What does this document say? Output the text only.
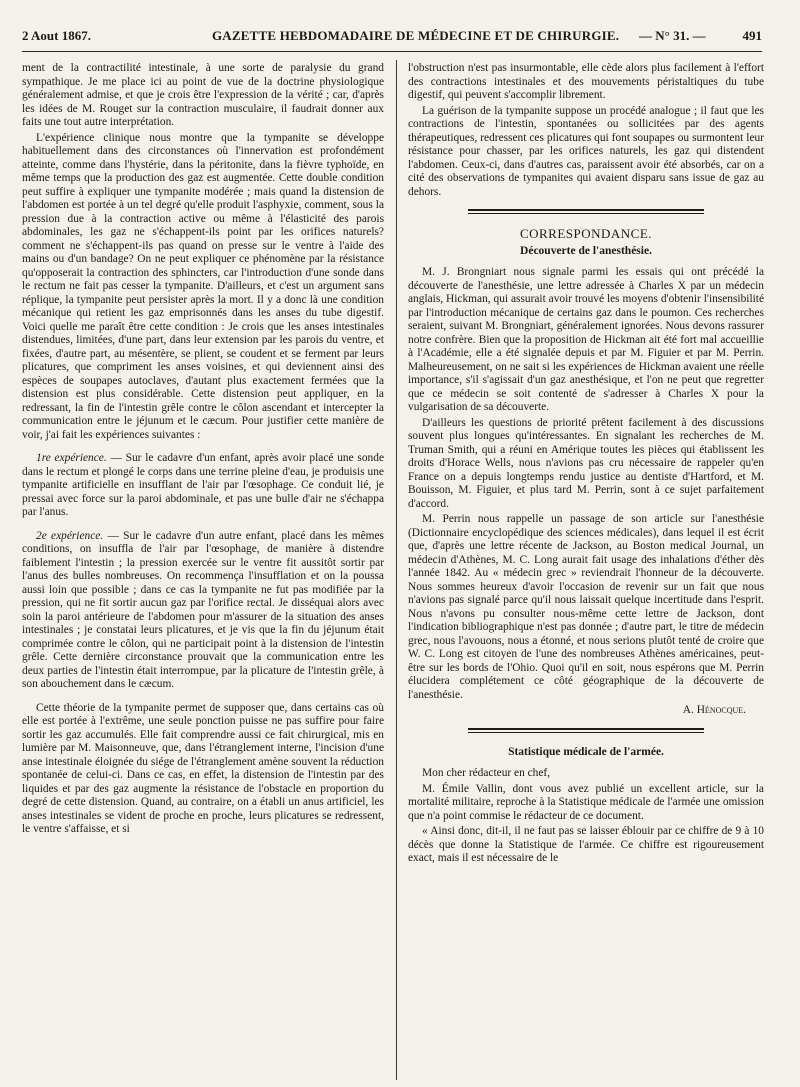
2 Aout 1867.	GAZETTE HEBDOMADAIRE DE MÉDECINE ET DE CHIRURGIE. — N° 31. —	491

ment de la contractilité intestinale, à une sorte de paralysie du grand sympathique. Je me place ici au point de vue de la doctrine physiologique généralement admise, et que je crois être l'expression de la vérité ; car, d'après les idées de M. Rouget sur la contraction musculaire, il faudrait donner aux faits une tout autre interprétation.

L'expérience clinique nous montre que la tympanite se développe habituellement dans des circonstances où l'innervation est profondément atteinte, comme dans l'hystérie, dans la péritonite, dans la fièvre typhoïde, en même temps que la production des gaz est augmentée. Cette double condition peut suffire à expliquer une tympanite modérée ; mais quand la distension de l'abdomen est portée à un tel degré qu'elle produit l'asphyxie, comment, sous la pression due à la contraction active ou même à l'élasticité des parois abdominales, les gaz ne s'échappent-ils point par les orifices naturels? comment ne s'échappent-ils pas quand on presse sur le ventre à l'aide des mains ou d'un bandage? On ne peut expliquer ce phénomène par la résistance qu'opposerait la contraction des sphincters, car l'introduction d'une sonde dans le rectum ne fait pas cesser la tympanite. D'ailleurs, et c'est un argument sans réplique, la tympanite peut persister après la mort. Il y a donc là une condition mécanique qui retient les gaz emprisonnés dans les anses du tube digestif. Voici quelle me paraît être cette condition : Je crois que les anses intestinales distendues, limitées, d'une part, dans leur extension par les parois du ventre, et fixées, d'autre part, au mésentère, se plient, se coudent et se ferment par leurs plicatures, que compriment les anses voisines, et qui deviennent ainsi des espèces de soupapes autoclaves, d'autant plus exactement fermées que la distension est plus considérable. Cette distension peut appliquer, en la redressant, la fin de l'intestin grêle contre le côlon ascendant et intercepter la communication entre le jéjunum et le cæcum. Pour justifier cette manière de voir, j'ai fait les expériences suivantes :

1re expérience. — Sur le cadavre d'un enfant, après avoir placé une sonde dans le rectum et plongé le corps dans une terrine pleine d'eau, je produisis une tympanite artificielle en insufflant de l'air par l'œsophage. Ce conduit lié, je pressai avec force sur la paroi abdominale, et pas une bulle d'air ne s'échappa par l'anus.

2e expérience. — Sur le cadavre d'un autre enfant, placé dans les mêmes conditions, on insuffla de l'air par l'œsophage, de manière à distendre faiblement l'intestin ; la pression exercée sur le ventre fit aussitôt sortir par l'anus des bulles nombreuses. On recommença l'insufflation et on la poussa aussi loin que possible ; dans ce cas la tympanite ne fut pas modifiée par la pression, qui ne fit sortir aucun gaz par l'orifice rectal. Je disséquai alors avec soin la paroi antérieure de l'abdomen pour m'assurer de la situation des anses intestinales ; je constatai leurs plicatures, et je vis que la fin du jéjunum était comprimée contre le côlon, qui ne participait point à la distension de l'intestin grêle. Cette dernière circonstance prouvait que la communication entre les deux parties de l'intestin était interrompue, par la plicature de l'intestin grêle, à son abouchement dans le cæcum.

Cette théorie de la tympanite permet de supposer que, dans certains cas où elle est portée à l'extrême, une seule ponction puisse ne pas suffire pour faire sortir les gaz accumulés. Elle fait comprendre aussi ce fait chirurgical, mis en lumière par M. Maisonneuve, que, dans l'étranglement interne, l'incision d'une anse intestinale éloignée du siége de l'étranglement amène souvent la réduction spontanée de celui-ci. Dans ce cas, en effet, la distension de l'intestin par des liquides et par des gaz augmente la résistance de l'obstacle en proportion du degré de cette distension. Quand, au contraire, on a établi un anus artificiel, les anses intestinales se vident de proche en proche, leurs plicatures se redressent, le ventre s'affaisse, et si

l'obstruction n'est pas insurmontable, elle cède alors plus facilement à l'effort des contractions intestinales et des mouvements péristaltiques du tube digestif, qui peuvent s'accomplir librement.

La guérison de la tympanite suppose un procédé analogue ; il faut que les contractions de l'intestin, spontanées ou sollicitées par des agents thérapeutiques, redressent ces plicatures qui font soupapes ou surmontent leur résistance pour chasser, par les orifices naturels, les gaz qui distendent l'abdomen. Ceux-ci, dans d'autres cas, paraissent avoir été absorbés, car on a cité des observations de tympanites qui avaient disparu sans issue de gaz au dehors.

CORRESPONDANCE.
Découverte de l'anesthésie.

M. J. Brongniart nous signale parmi les essais qui ont précédé la découverte de l'anesthésie, une lettre adressée à Charles X par un médecin anglais, Hickman, qui assurait avoir trouvé les moyens d'obtenir l'insensibilité par l'introduction mécanique de certains gaz dans le poumon. Ces recherches seraient, suivant M. Brongniart, généralement ignorées. Nous devons rassurer notre confrère. Bien que la proposition de Hickman ait été fort mal accueillie à l'Académie, elle a été signalée depuis et par M. Figuier et par M. Perrin. Malheureusement, on ne sait si les expériences de Hickman avaient une réelle importance, s'il s'agissait d'un gaz anesthésique, et l'on ne peut que regretter que ce médecin se soit contenté de s'adresser à Charles X pour la vulgarisation de sa découverte.

D'ailleurs les questions de priorité prêtent facilement à des discussions souvent plus longues qu'intéressantes. En signalant les recherches de M. Truman Smith, qui a réuni en Amérique toutes les pièces qui établissent les droits d'Horace Wells, nous n'avions pas cru nécessaire de rappeler qu'en France on a depuis longtemps rendu justice au dentiste d'Hartford, et M. Bouisson, M. Figuier, et plus tard M. Perrin, sont à ce sujet parfaitement d'accord.

M. Perrin nous rappelle un passage de son article sur l'anesthésie (Dictionnaire encyclopédique des sciences médicales), dans lequel il est écrit que, d'après une lettre récente de Jackson, au Boston medical Journal, un médecin d'Athènes, M. C. Long aurait fait usage des inhalations d'éther dès l'année 1842. Au « médecin grec » reviendrait l'honneur de la découverte. Nous sommes heureux d'avoir l'occasion de revenir sur un fait que nous n'avions pas signalé parce qu'il nous laissait quelque incertitude dans l'esprit. Nous n'avons pu consulter nous-même cette lettre de Jackson, dont l'indication bibliographique n'est pas donnée ; d'autre part, le titre de médecin grec, nous l'avouons, nous a étonné, et nous serions plutôt tenté de croire que W. C. Long est citoyen de l'une des nombreuses Athènes américaines, peut-être sur les bords de l'Ohio. Quoi qu'il en soit, nous espérons que M. Perrin élucidera complétement ce côté géographique de la découverte de l'anesthésie.

A. Hénocque.
Statistique médicale de l'armée.

Mon cher rédacteur en chef,

M. Émile Vallin, dont vous avez publié un excellent article, sur la mortalité militaire, reproche à la Statistique médicale de l'armée une omission que n'a point commise le rédacteur de ce document.

« Ainsi donc, dit-il, il ne faut pas se laisser éblouir par ce chiffre de 9 à 10 décès que donne la Statistique de l'armée. Ce chiffre est rigoureusement exact, mais il est nécessaire de le
